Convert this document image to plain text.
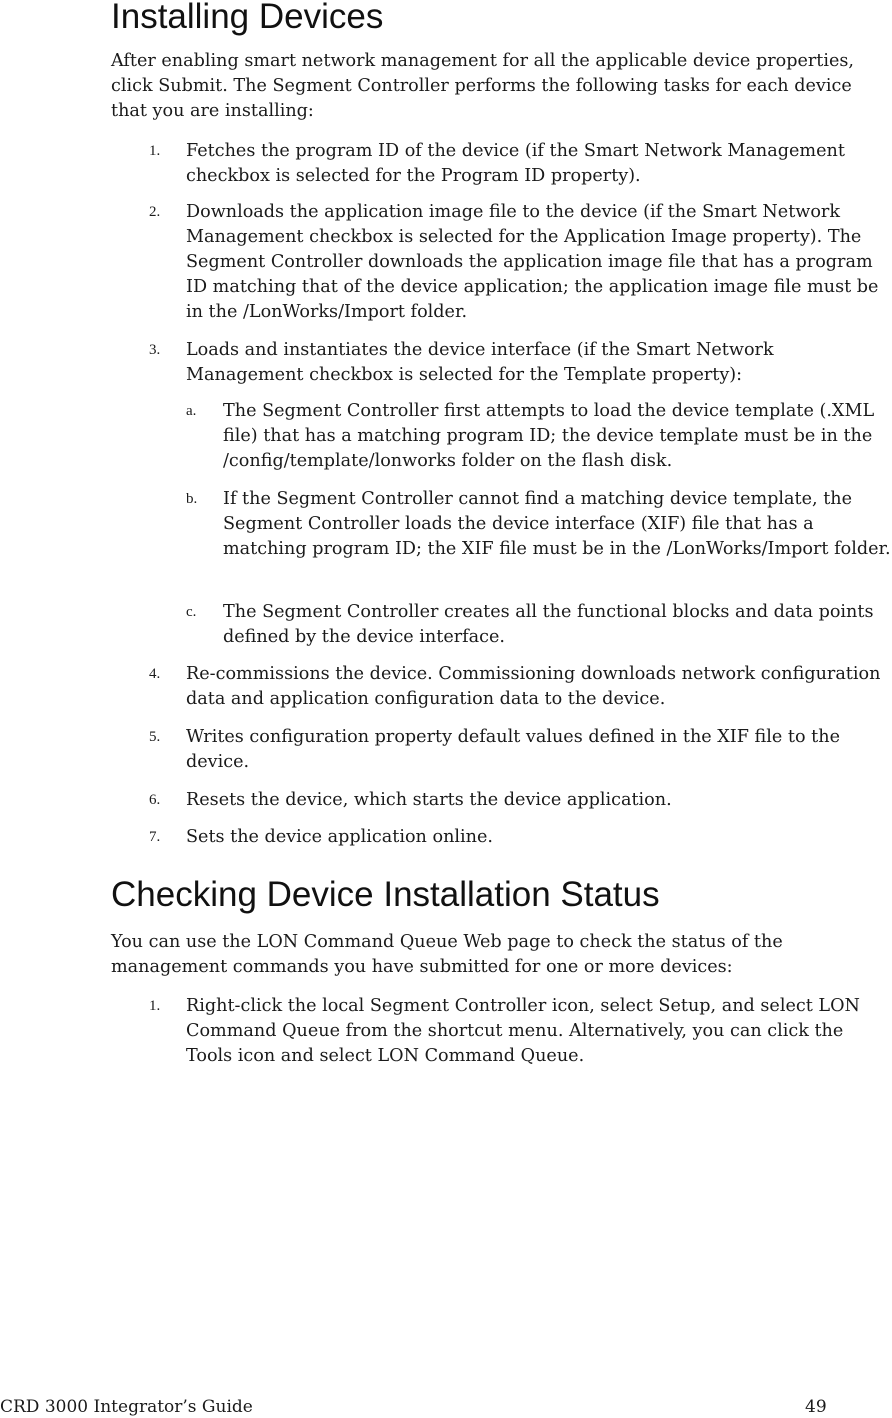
Installing Devices

After enabling smart network management for all the applicable device properties, click Submit. The Segment Controller performs the following tasks for each device that you are installing:

1. Fetches the program ID of the device (if the Smart Network Management checkbox is selected for the Program ID property).
2. Downloads the application image file to the device (if the Smart Network Management checkbox is selected for the Application Image property). The Segment Controller downloads the application image file that has a program ID matching that of the device application; the application image file must be in the /LonWorks/Import folder.
3. Loads and instantiates the device interface (if the Smart Network Management checkbox is selected for the Template property):
a. The Segment Controller first attempts to load the device template (.XML file) that has a matching program ID; the device template must be in the /config/template/lonworks folder on the flash disk.
b. If the Segment Controller cannot find a matching device template, the Segment Controller loads the device interface (XIF) file that has a matching program ID; the XIF file must be in the /LonWorks/Import folder.
c. The Segment Controller creates all the functional blocks and data points defined by the device interface.
4. Re-commissions the device. Commissioning downloads network configuration data and application configuration data to the device.
5. Writes configuration property default values defined in the XIF file to the device.
6. Resets the device, which starts the device application.
7. Sets the device application online.
Checking Device Installation Status

You can use the LON Command Queue Web page to check the status of the management commands you have submitted for one or more devices:

1. Right-click the local Segment Controller icon, select Setup, and select LON Command Queue from the shortcut menu. Alternatively, you can click the Tools icon and select LON Command Queue.
CRD 3000 Integrator’s Guide	49
